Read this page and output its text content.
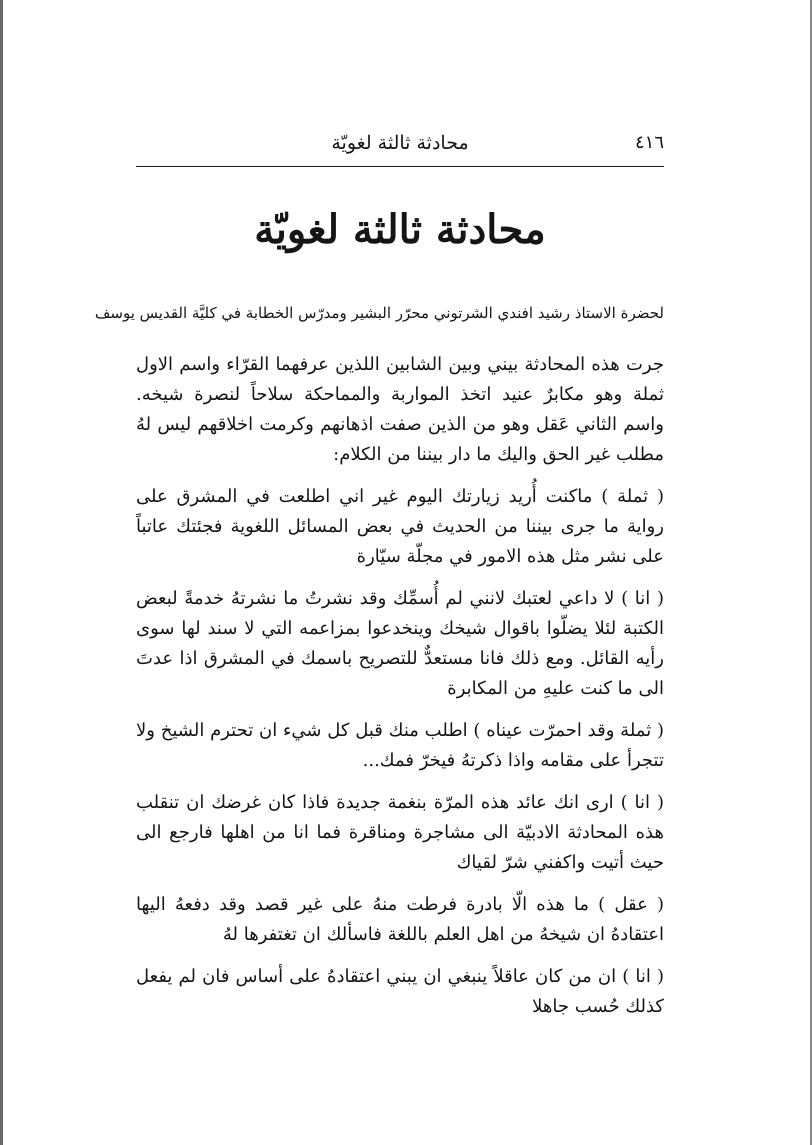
٤١٦
محادثة ثالثة لغويّة
محادثة ثالثة لغويّة
لحضرة الاستاذ رشيد افندي الشرتوني محرّر البشير ومدرّس الخطابة في كليَّة القديس يوسف

جرت هذه المحادثة بيني وبين الشابين اللذين عرفهما القرّاء واسم الاول ثملة وهو مكابرٌ عنيد اتخذ المواربة والمماحكة سلاحاً لنصرة شيخه. واسم الثاني عَقل وهو من الذين صفت اذهانهم وكرمت اخلاقهم ليس لهُ مطلب غير الحق واليك ما دار بيننا من الكلام:

( ثملة ) ماكنت أُريد زيارتك اليوم غير اني اطلعت في المشرق على رواية ما جرى بيننا من الحديث في بعض المسائل اللغوية فجئتك عاتباً على نشر مثل هذه الامور في مجلّة سيّارة

( انا ) لا داعي لعتبك لانني لم أُسمِّك وقد نشرتُ ما نشرتهُ خدمةً لبعض الكتبة لئلا يضلّوا باقوال شيخك وينخدعوا بمزاعمه التي لا سند لها سوى رأيه القائل. ومع ذلك فانا مستعدٌّ للتصريح باسمك في المشرق اذا عدتَ الى ما كنت عليهِ من المكابرة

( ثملة وقد احمرّت عيناه ) اطلب منك قبل كل شيء ان تحترم الشيخ ولا تتجرأ على مقامه واذا ذكرتهُ فيخرّ فمك...

( انا ) ارى انك عائد هذه المرّة بنغمة جديدة فاذا كان غرضك ان تنقلب هذه المحادثة الادبيّة الى مشاجرة ومناقرة فما انا من اهلها فارجع الى حيث أتيت واكفني شرّ لقياك

( عقل ) ما هذه الّا بادرة فرطت منهُ على غير قصد وقد دفعهُ اليها اعتقادهُ ان شيخهُ من اهل العلم باللغة فاسألك ان تغتفرها لهُ

( انا ) ان من كان عاقلاً ينبغي ان يبني اعتقادهُ على أساس فان لم يفعل كذلك حُسب جاهلا
